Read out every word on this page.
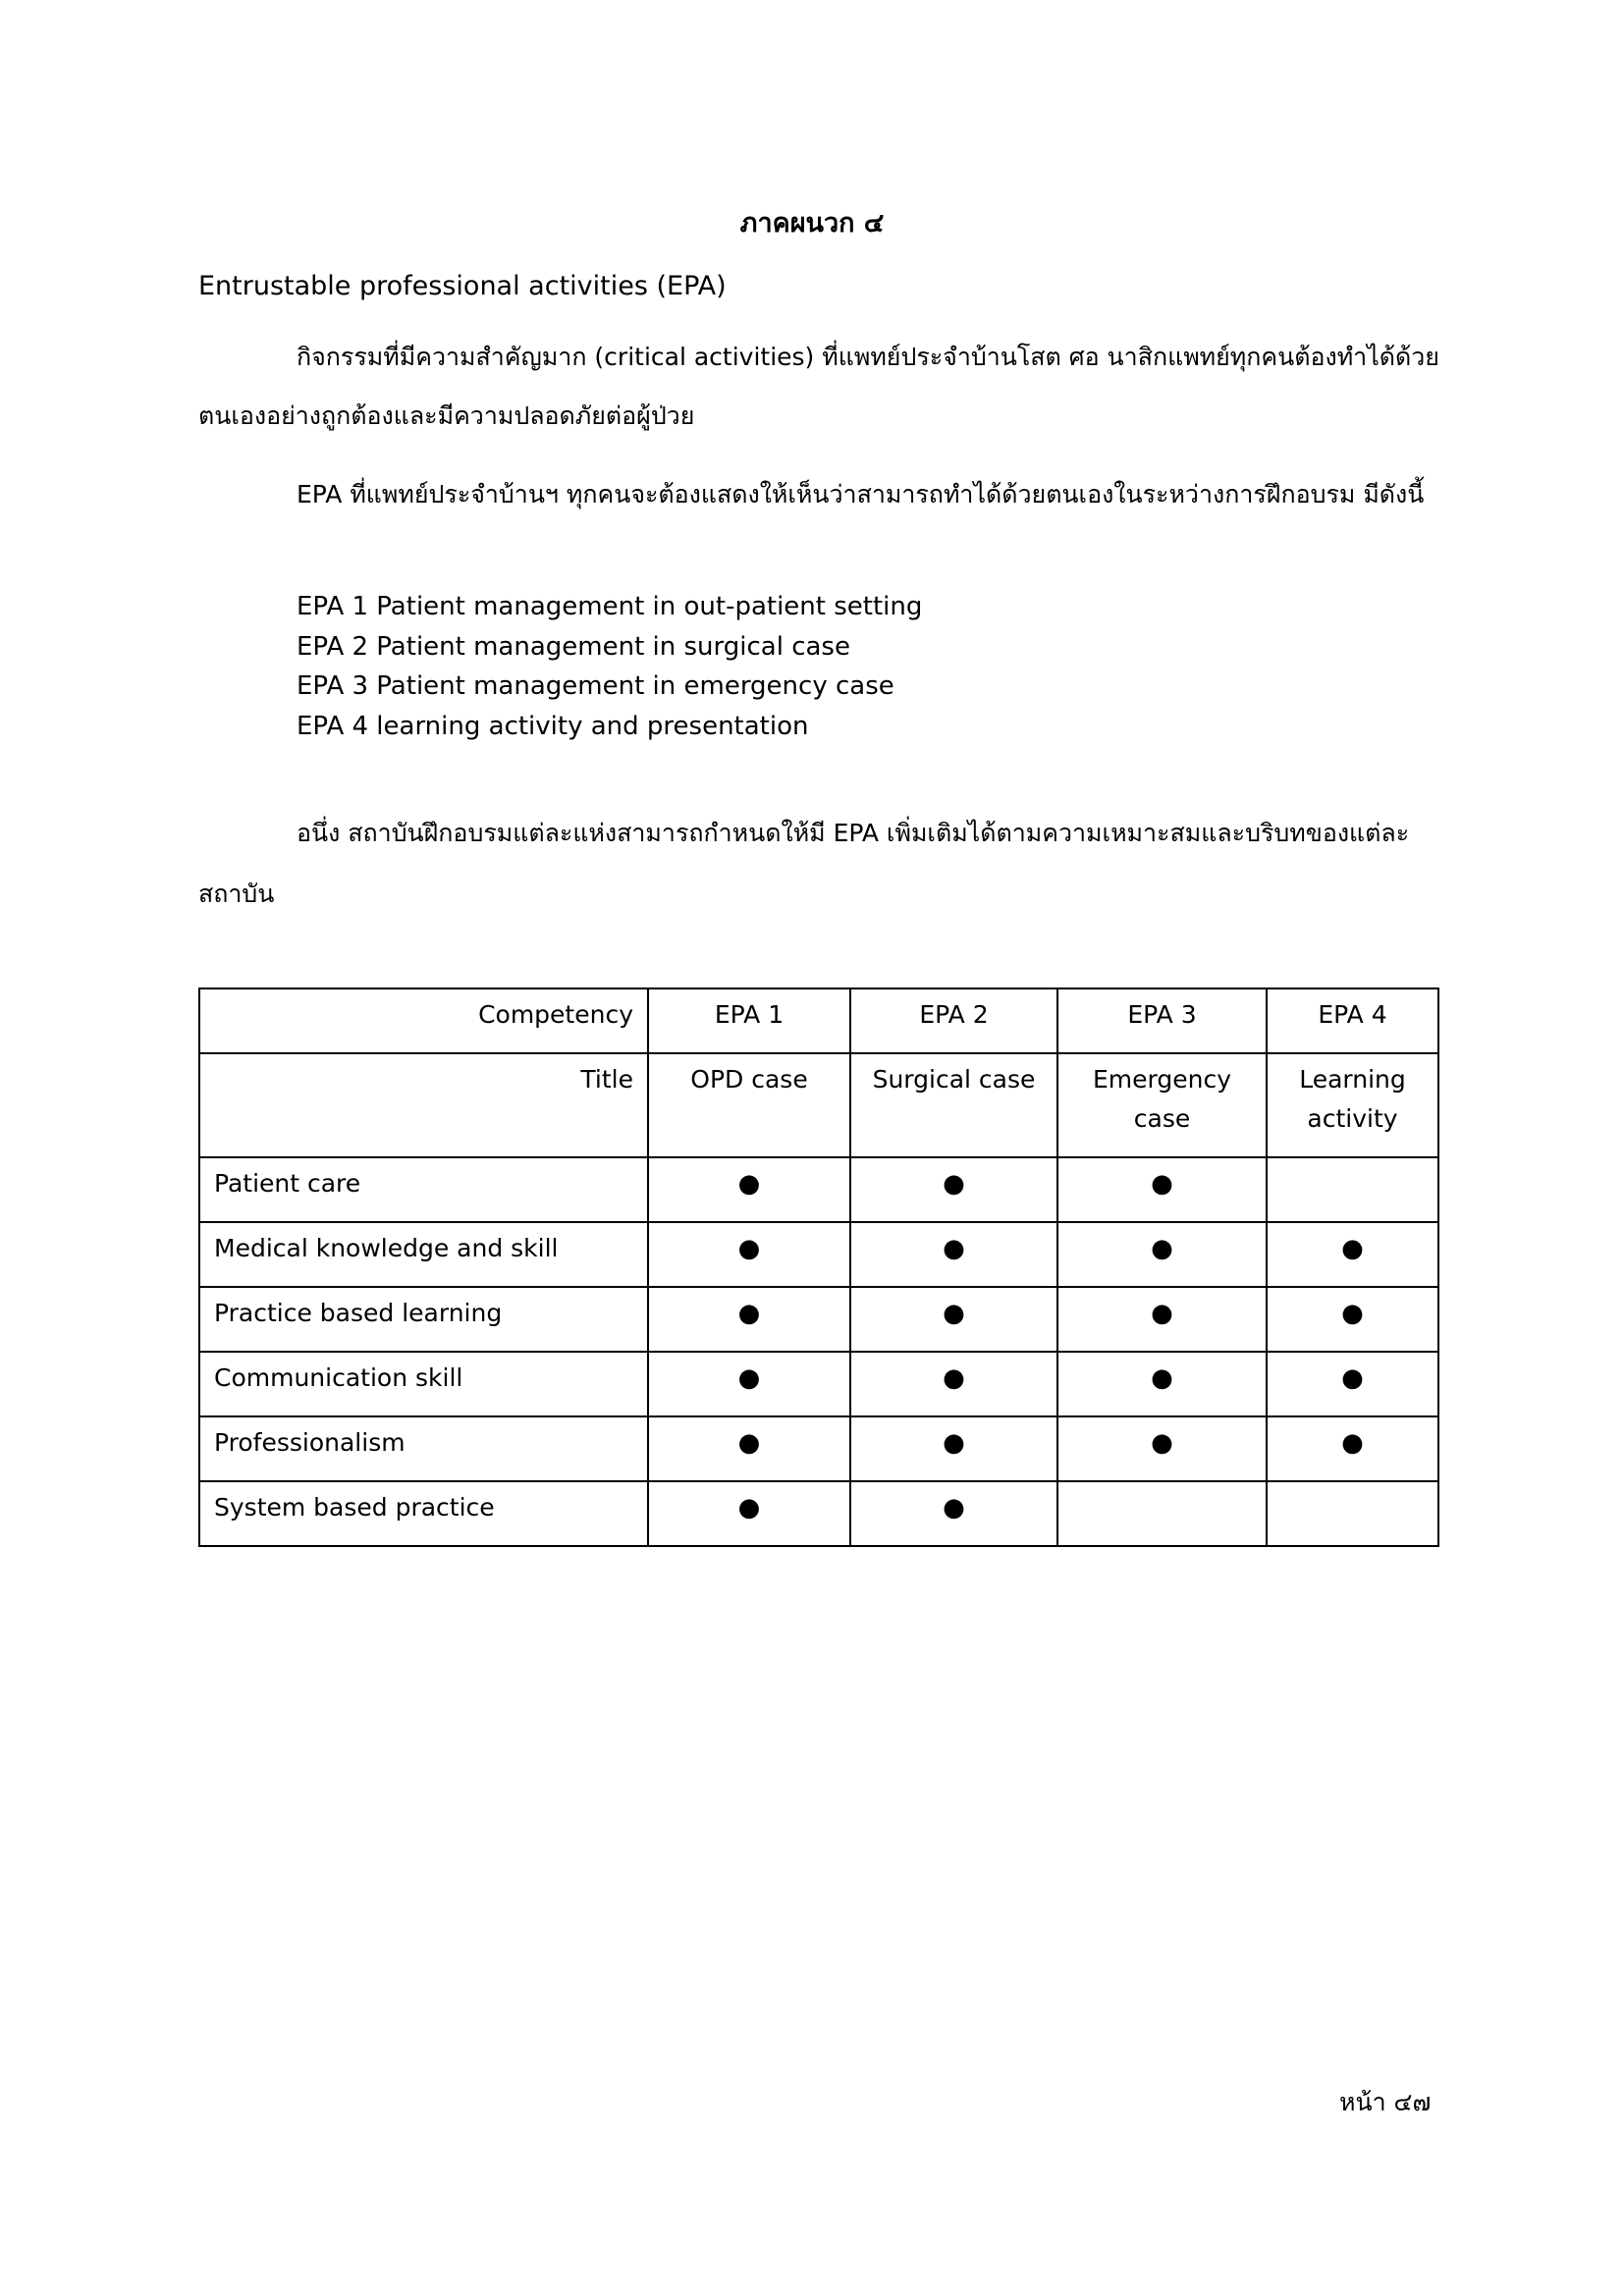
ภาคผนวก ๔
Entrustable professional activities (EPA)
กิจกรรมที่มีความสำคัญมาก (critical activities) ที่แพทย์ประจำบ้านโสต ศอ นาสิกแพทย์ทุกคนต้องทำได้ด้วย
ตนเองอย่างถูกต้องและมีความปลอดภัยต่อผู้ป่วย
EPA ที่แพทย์ประจำบ้านฯ ทุกคนจะต้องแสดงให้เห็นว่าสามารถทำได้ด้วยตนเองในระหว่างการฝึกอบรม มีดังนี้
EPA 1 Patient management in out-patient setting
EPA 2 Patient management in surgical case
EPA 3 Patient management in emergency case
EPA 4 learning activity and presentation
อนึ่ง สถาบันฝึกอบรมแต่ละแห่งสามารถกำหนดให้มี EPA เพิ่มเติมได้ตามความเหมาะสมและบริบทของแต่ละ
สถาบัน
Competency	EPA 1	EPA 2	EPA 3	EPA 4
Title	OPD case	Surgical case	Emergency case	Learning activity
Patient care	●	●	●	
Medical knowledge and skill	●	●	●	●
Practice based learning	●	●	●	●
Communication skill	●	●	●	●
Professionalism	●	●	●	●
System based practice	●	●		
หน้า ๔๗
